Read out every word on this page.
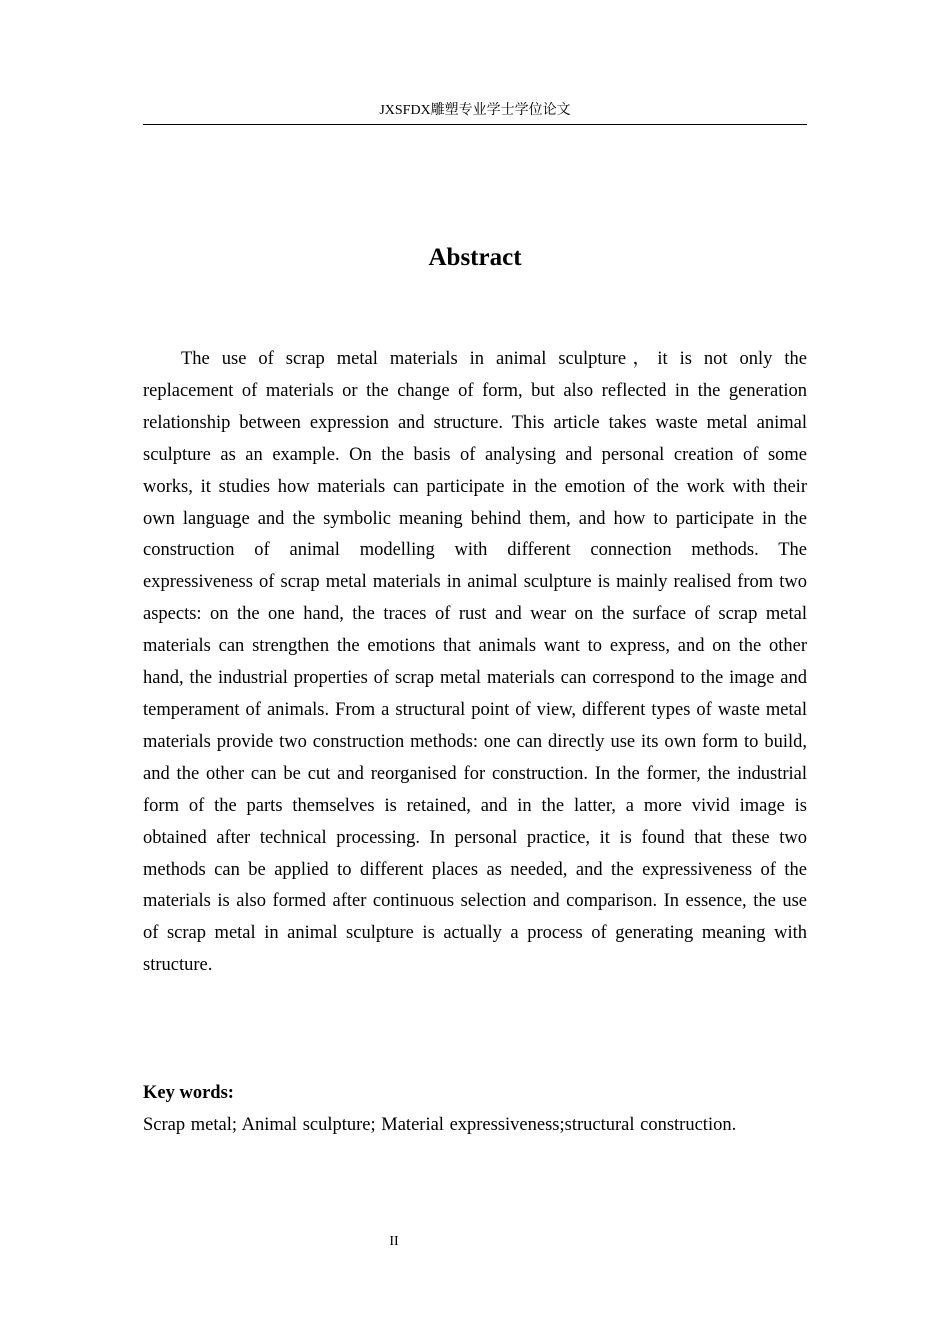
JXSFDX雕塑专业学士学位论文
Abstract

The use of scrap metal materials in animal sculpture，it is not only the replacement of materials or the change of form, but also reflected in the generation relationship between expression and structure. This article takes waste metal animal sculpture as an example. On the basis of analysing and personal creation of some works, it studies how materials can participate in the emotion of the work with their own language and the symbolic meaning behind them, and how to participate in the construction of animal modelling with different connection methods. The expressiveness of scrap metal materials in animal sculpture is mainly realised from two aspects: on the one hand, the traces of rust and wear on the surface of scrap metal materials can strengthen the emotions that animals want to express, and on the other hand, the industrial properties of scrap metal materials can correspond to the image and temperament of animals. From a structural point of view, different types of waste metal materials provide two construction methods: one can directly use its own form to build, and the other can be cut and reorganised for construction. In the former, the industrial form of the parts themselves is retained, and in the latter, a more vivid image is obtained after technical processing. In personal practice, it is found that these two methods can be applied to different places as needed, and the expressiveness of the materials is also formed after continuous selection and comparison. In essence, the use of scrap metal in animal sculpture is actually a process of generating meaning with structure.

Key words:
Scrap metal; Animal sculpture; Material expressiveness;structural construction.
II
